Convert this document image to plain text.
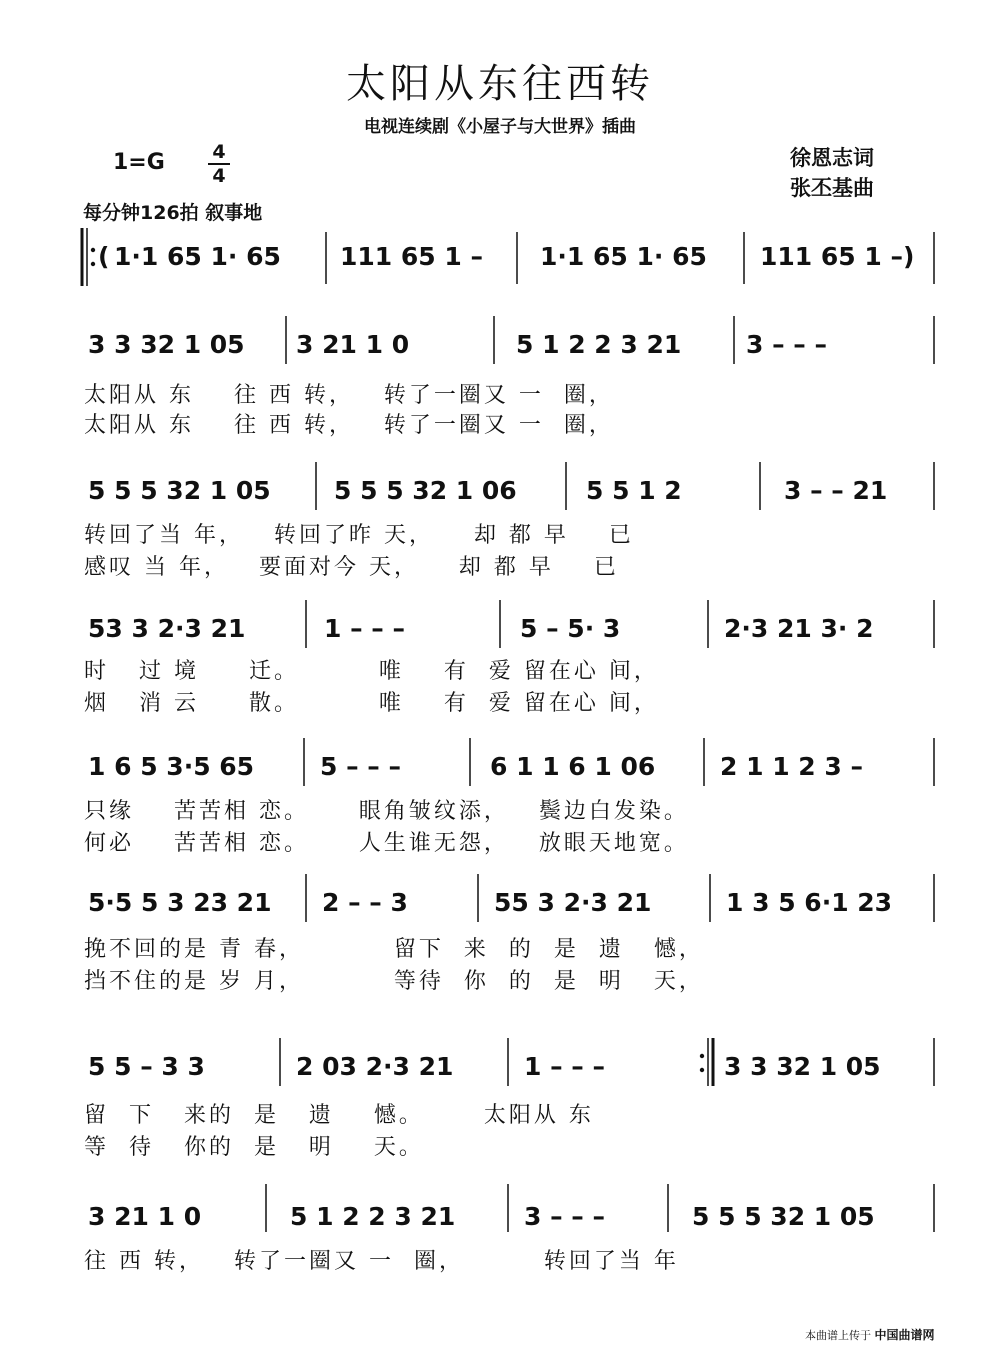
太阳从东往西转
电视连续剧《小屋子与大世界》插曲
1=G	4
4
徐恩志词
张丕基曲
每分钟126拍 叙事地
( 1·1 65 1· 65 111 65 1 – 1·1 65 1· 65 111 65 1 –)
3 3 32 1 05 3 21 1 0	5 1 2 2 3 21	3 – – –
太阳从 东    往 西 转，   转了一圈又 一  圈，
太阳从 东    往 西 转，   转了一圈又 一  圈，
5 5 5 32 1 05	5 5 5 32 1 06	5 5 1 2	3 – – 21
转回了当 年，   转回了昨 天，    却 都 早    已
感叹 当 年，   要面对今 天，    却 都 早    已
53 3 2·3 21	1 – – –	5 – 5· 3	2·3 21 3· 2
时   过 境     迁。        唯    有  爱 留在心 间，
烟   消 云     散。        唯    有  爱 留在心 间，
1 6 5 3·5 65	5 – – –	6 1 1 6 1 06	2 1 1 2 3 –
只缘    苦苦相 恋。     眼角皱纹添，   鬓边白发染。
何必    苦苦相 恋。     人生谁无怨，   放眼天地宽。
5·5 5 3 23 21 2 – – 3	55 3 2·3 21	1 3 5 6·1 23
挽不回的是 青 春，         留下  来  的  是  遗   憾，
挡不住的是 岁 月，         等待  你  的  是  明   天，
5 5 – 3 3	2 03 2·3 21	1 – – –	3 3 32 1 05
留  下   来的  是   遗    憾。      太阳从 东
等  待   你的  是   明    天。
3 21 1 0	5 1 2 2 3 21	3 – – –	5 5 5 32 1 05
往 西 转，   转了一圈又 一  圈，        转回了当 年
本曲谱上传于 中国曲谱网
